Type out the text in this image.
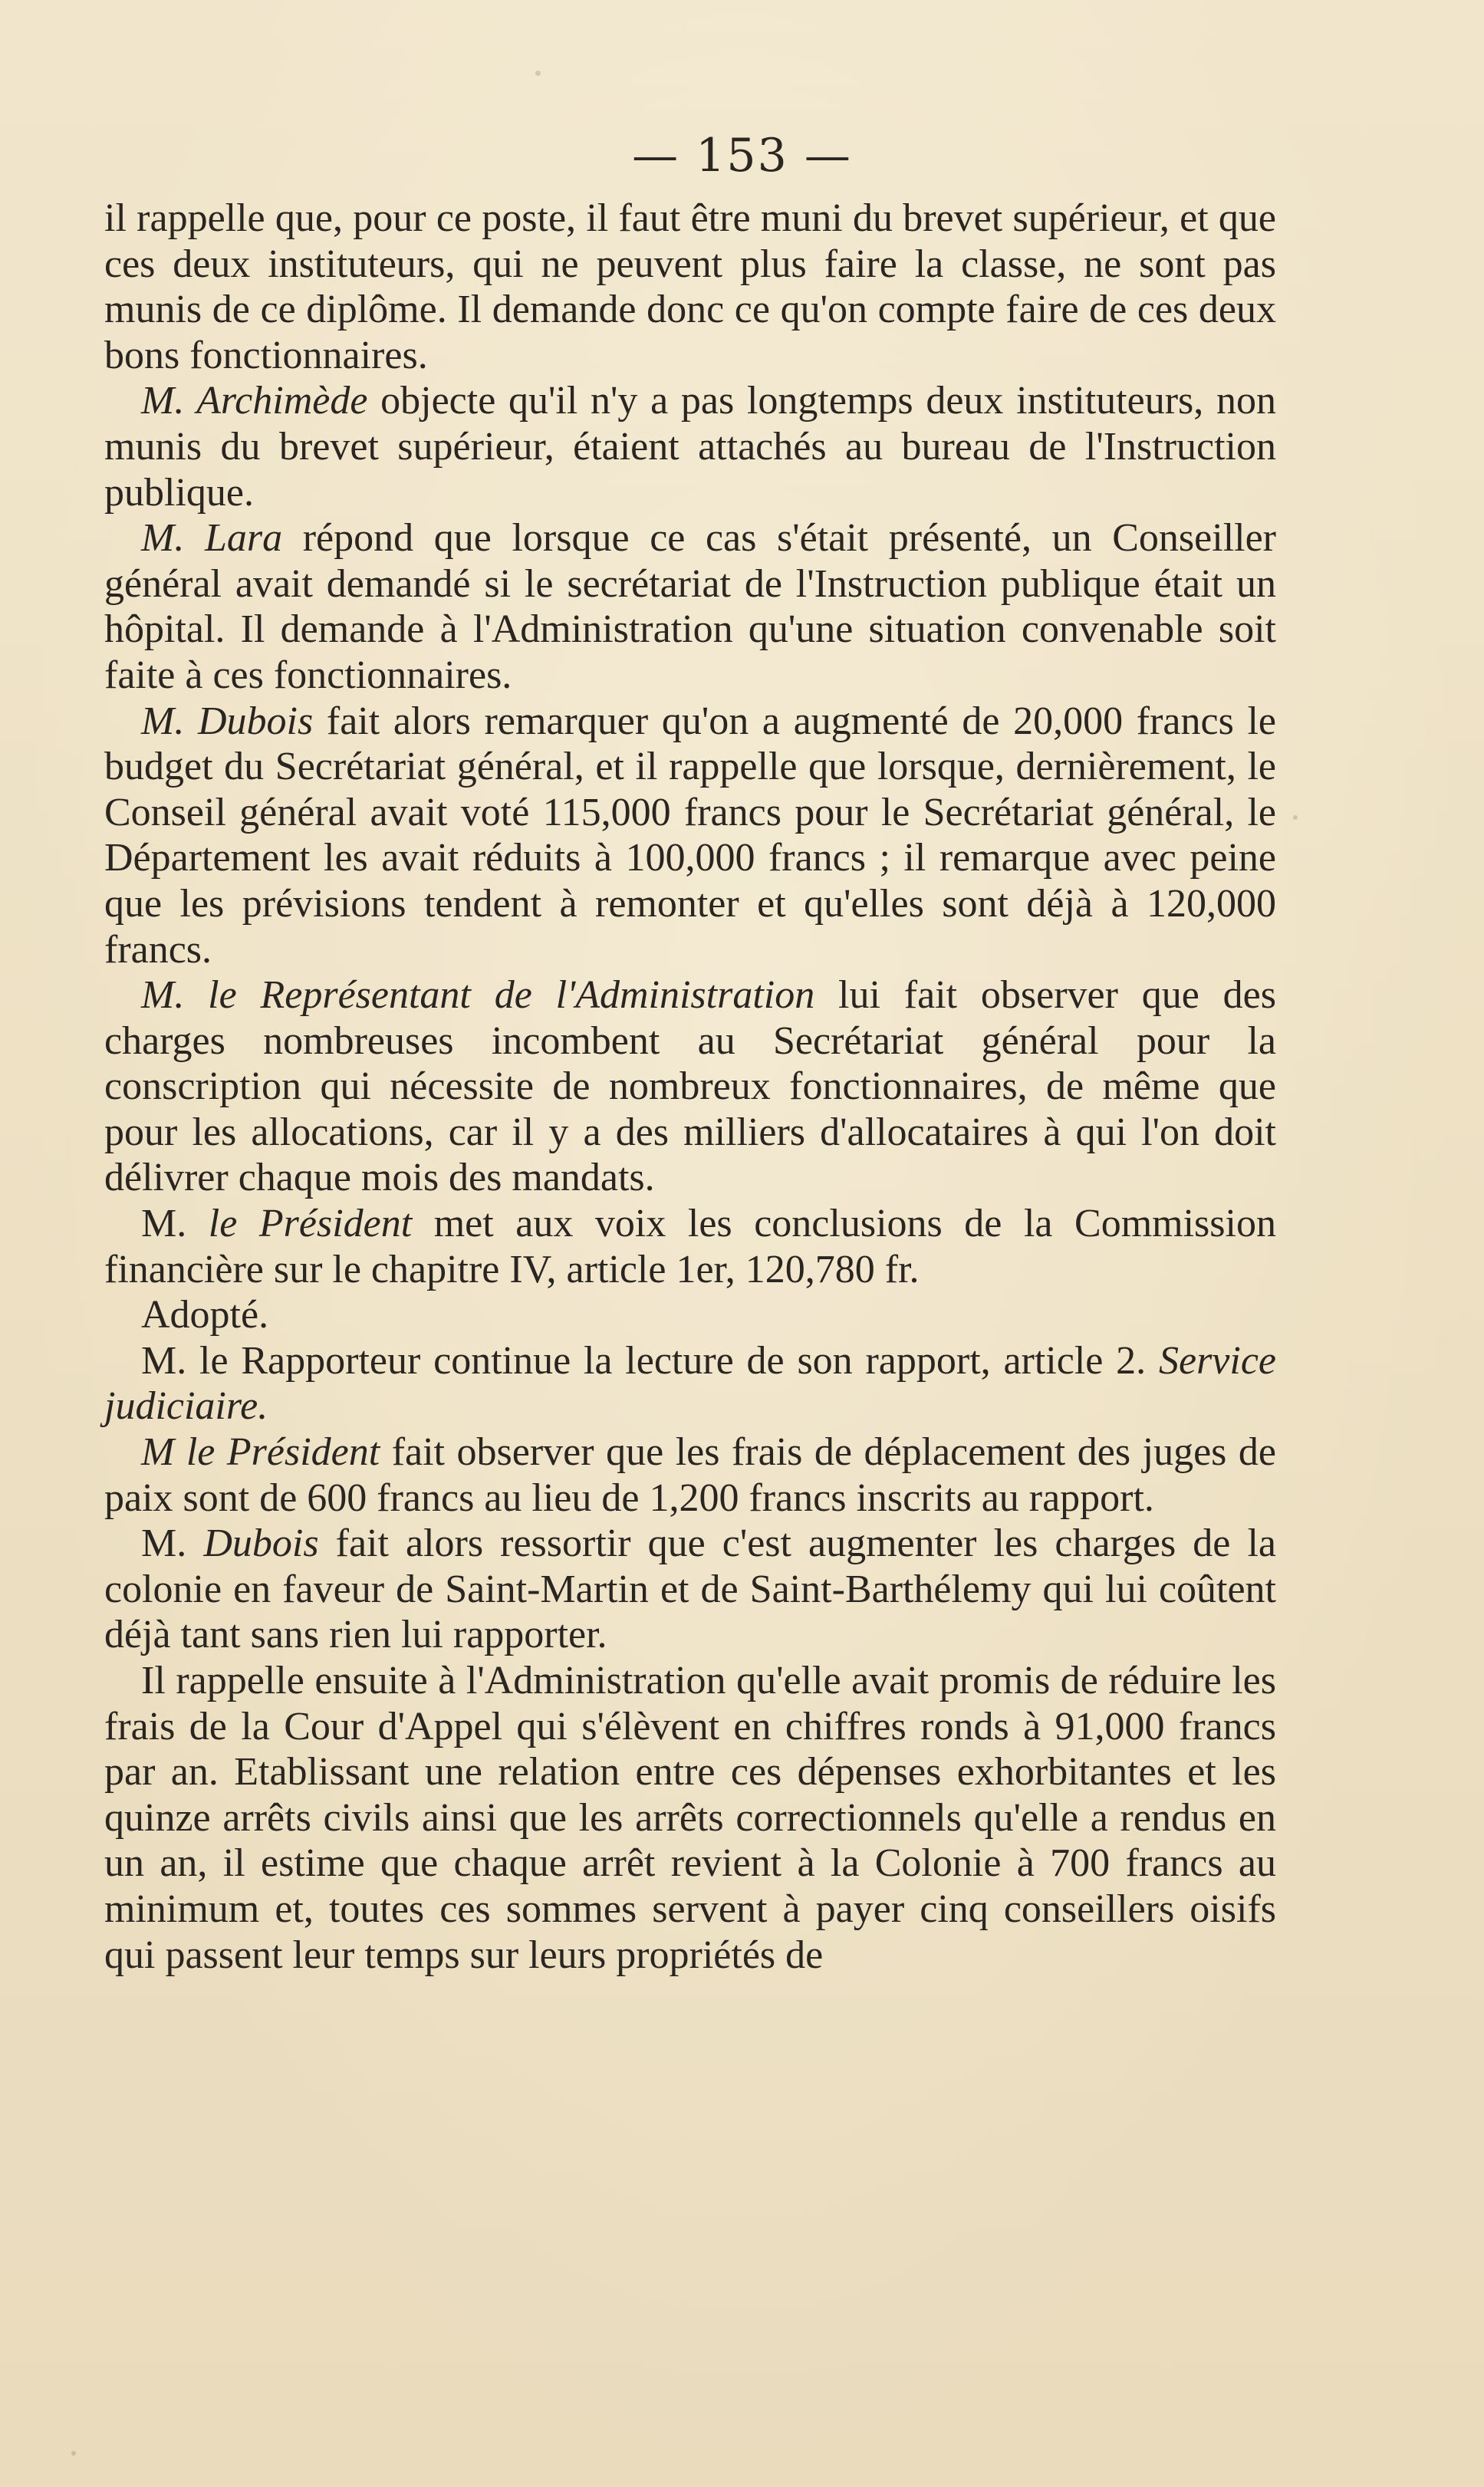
— 153 —

il rappelle que, pour ce poste, il faut être muni du brevet supérieur, et que ces deux instituteurs, qui ne peuvent plus faire la classe, ne sont pas munis de ce diplôme. Il demande donc ce qu'on compte faire de ces deux bons fonctionnaires.

M. Archimède objecte qu'il n'y a pas longtemps deux instituteurs, non munis du brevet supérieur, étaient attachés au bureau de l'Instruction publique.

M. Lara répond que lorsque ce cas s'était présenté, un Conseiller général avait demandé si le secrétariat de l'Instruction publique était un hôpital. Il demande à l'Administration qu'une situation convenable soit faite à ces fonctionnaires.

M. Dubois fait alors remarquer qu'on a augmenté de 20,000 francs le budget du Secrétariat général, et il rappelle que lorsque, dernièrement, le Conseil général avait voté 115,000 francs pour le Secrétariat général, le Département les avait réduits à 100,000 francs ; il remarque avec peine que les prévisions tendent à remonter et qu'elles sont déjà à 120,000 francs.

M. le Représentant de l'Administration lui fait observer que des charges nombreuses incombent au Secrétariat général pour la conscription qui nécessite de nombreux fonctionnaires, de même que pour les allocations, car il y a des milliers d'allocataires à qui l'on doit délivrer chaque mois des mandats.

M. le Président met aux voix les conclusions de la Commission financière sur le chapitre IV, article 1er, 120,780 fr.

Adopté.

M. le Rapporteur continue la lecture de son rapport, article 2. Service judiciaire.

M le Président fait observer que les frais de déplacement des juges de paix sont de 600 francs au lieu de 1,200 francs inscrits au rapport.

M. Dubois fait alors ressortir que c'est augmenter les charges de la colonie en faveur de Saint-Martin et de Saint-Barthélemy qui lui coûtent déjà tant sans rien lui rapporter.

Il rappelle ensuite à l'Administration qu'elle avait promis de réduire les frais de la Cour d'Appel qui s'élèvent en chiffres ronds à 91,000 francs par an. Etablissant une relation entre ces dépenses exhorbitantes et les quinze arrêts civils ainsi que les arrêts correctionnels qu'elle a rendus en un an, il estime que chaque arrêt revient à la Colonie à 700 francs au minimum et, toutes ces sommes servent à payer cinq conseillers oisifs qui passent leur temps sur leurs propriétés de
